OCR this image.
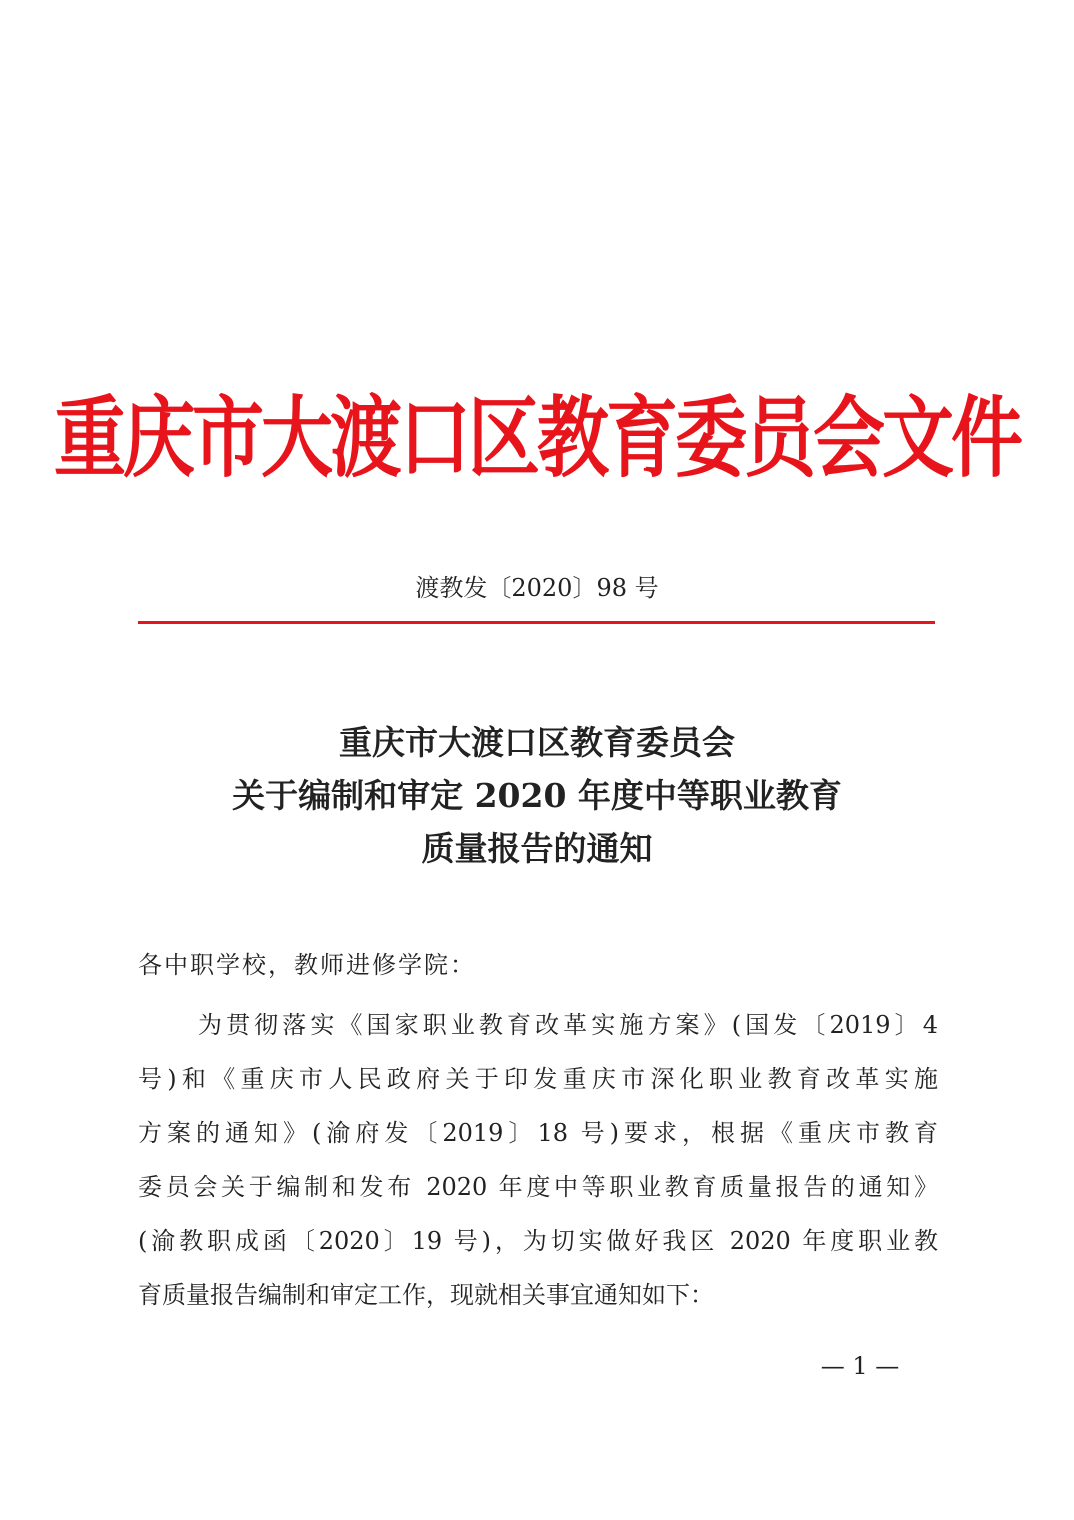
重庆市大渡口区教育委员会文件
渡教发〔2020〕98 号
重庆市大渡口区教育委员会
关于编制和审定 2020 年度中等职业教育
质量报告的通知
各中职学校，教师进修学院：
为贯彻落实《国家职业教育改革实施方案》(国发〔2019〕4
号)和《重庆市人民政府关于印发重庆市深化职业教育改革实施
方案的通知》(渝府发〔2019〕18 号)要求，根据《重庆市教育
委员会关于编制和发布 2020 年度中等职业教育质量报告的通知》
(渝教职成函〔2020〕19 号)，为切实做好我区 2020 年度职业教
育质量报告编制和审定工作，现就相关事宜通知如下：
— 1 —
